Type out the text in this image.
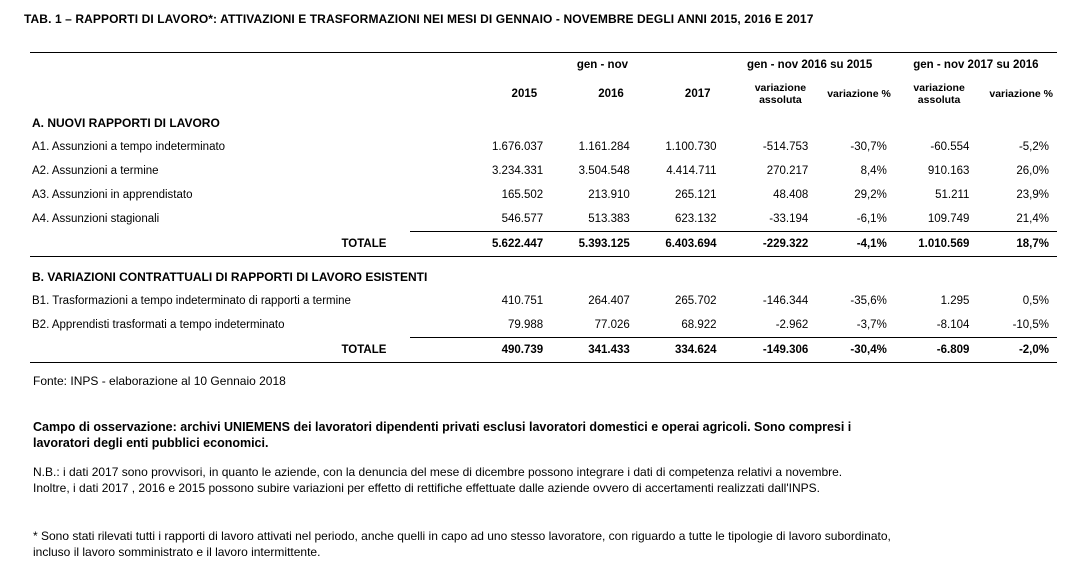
TAB. 1 – RAPPORTI DI LAVORO*: ATTIVAZIONI E TRASFORMAZIONI NEI MESI DI GENNAIO - NOVEMBRE DEGLI ANNI 2015, 2016 E 2017

	gen - nov			gen - nov 2016 su 2015		gen - nov 2017 su 2016	
	2015	2016	2017	variazione assoluta	variazione %	variazione assoluta	variazione %
A. NUOVI RAPPORTI DI LAVORO							
A1. Assunzioni a tempo indeterminato	1.676.037	1.161.284	1.100.730	-514.753	-30,7%	-60.554	-5,2%
A2. Assunzioni a termine	3.234.331	3.504.548	4.414.711	270.217	8,4%	910.163	26,0%
A3. Assunzioni in apprendistato	165.502	213.910	265.121	48.408	29,2%	51.211	23,9%
A4. Assunzioni stagionali	546.577	513.383	623.132	-33.194	-6,1%	109.749	21,4%
TOTALE	5.622.447	5.393.125	6.403.694	-229.322	-4,1%	1.010.569	18,7%

B. VARIAZIONI CONTRATTUALI DI RAPPORTI DI LAVORO ESISTENTI							
B1. Trasformazioni a tempo indeterminato di rapporti a termine	410.751	264.407	265.702	-146.344	-35,6%	1.295	0,5%
B2. Apprendisti trasformati a tempo indeterminato	79.988	77.026	68.922	-2.962	-3,7%	-8.104	-10,5%
TOTALE	490.739	341.433	334.624	-149.306	-30,4%	-6.809	-2,0%
Fonte: INPS - elaborazione al 10 Gennaio 2018
Campo di osservazione: archivi UNIEMENS dei lavoratori dipendenti privati esclusi lavoratori domestici e operai agricoli. Sono compresi i
lavoratori degli enti pubblici economici.
N.B.: i dati 2017 sono provvisori, in quanto le aziende, con la denuncia del mese di dicembre possono integrare i dati di competenza relativi a novembre.
Inoltre, i dati 2017 , 2016 e 2015 possono subire variazioni per effetto di rettifiche effettuate dalle aziende ovvero di accertamenti realizzati dall'INPS.
* Sono stati rilevati tutti i rapporti di lavoro attivati nel periodo, anche quelli in capo ad uno stesso lavoratore, con riguardo a tutte le tipologie di lavoro subordinato,
incluso il lavoro somministrato e il lavoro intermittente.
